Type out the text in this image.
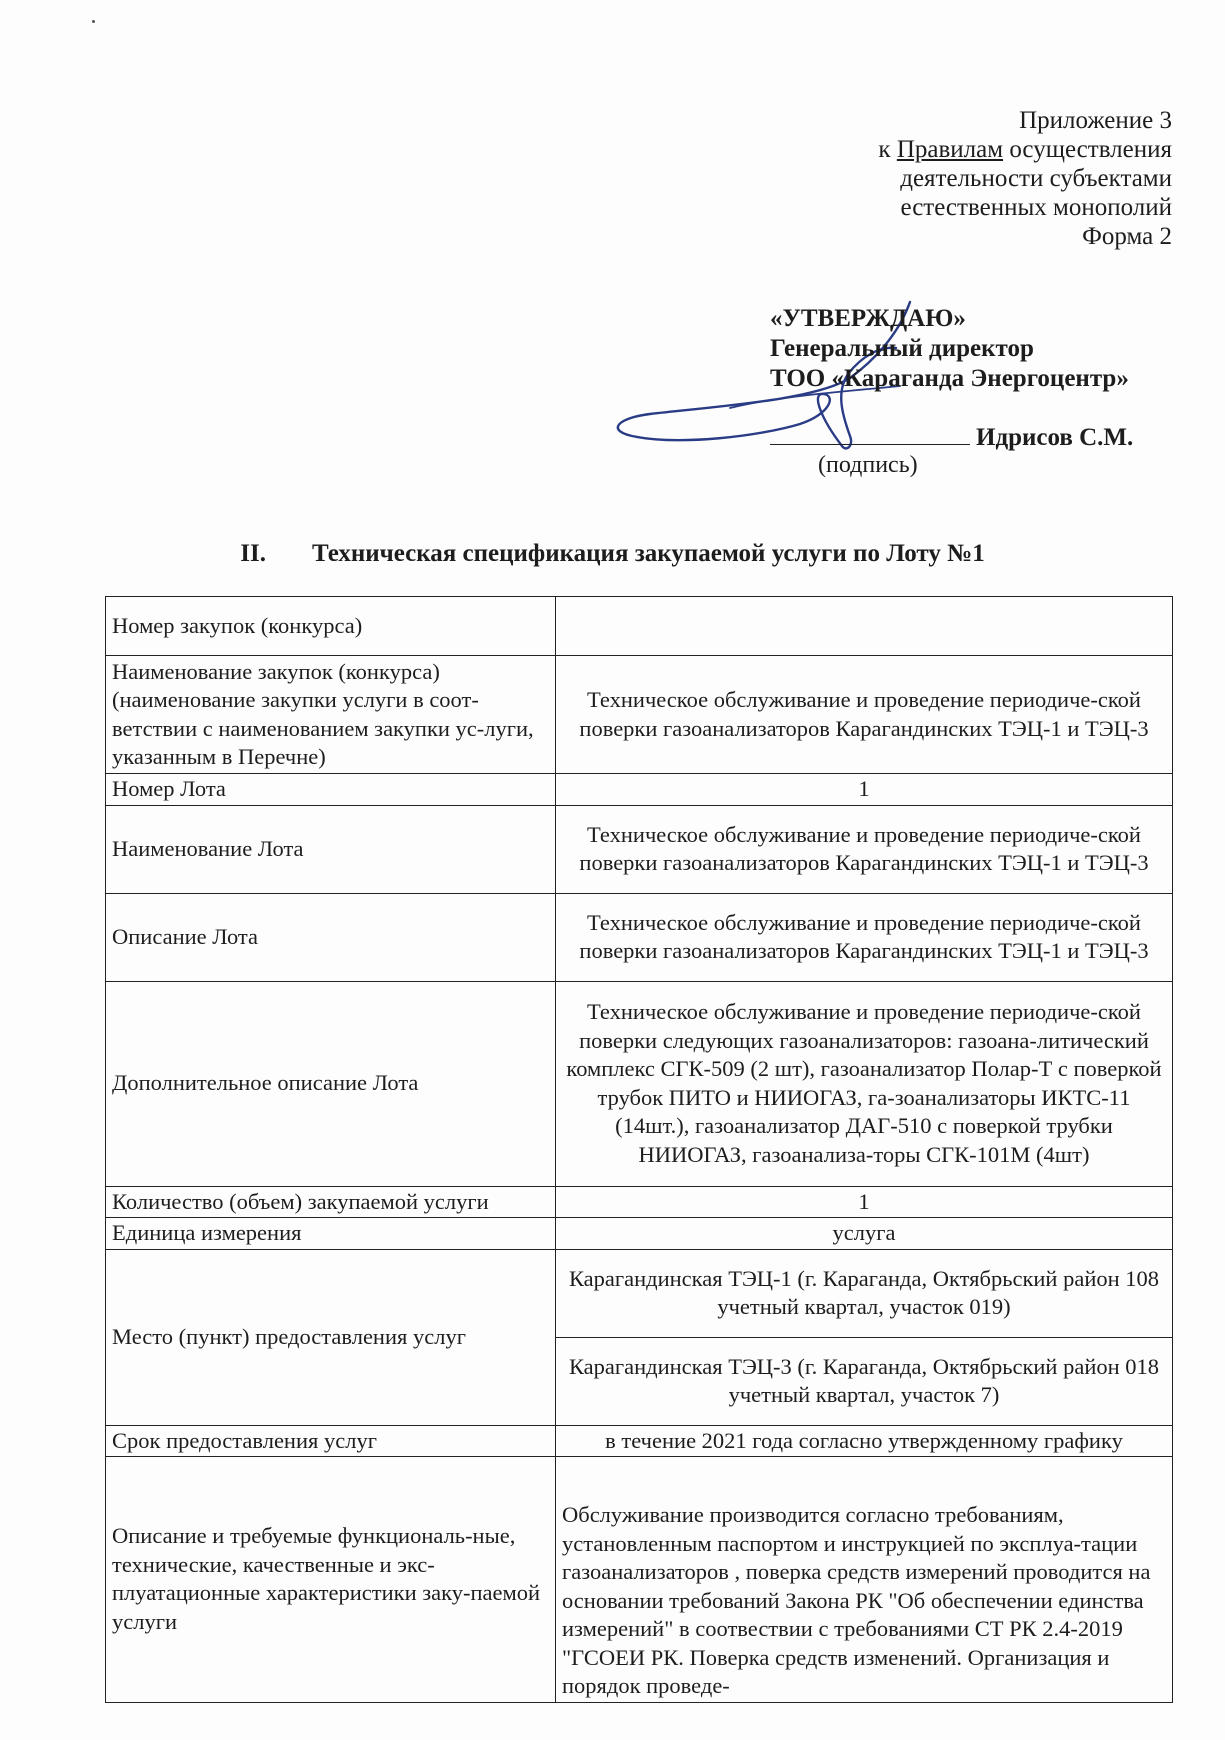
Приложение 3
к Правилам осуществления
деятельности субъектами
естественных монополий
Форма 2
«УТВЕРЖДАЮ»
Генеральный директор
ТОО «Караганда Энергоцентр»
Идрисов С.М.
(подпись)
II. Техническая спецификация закупаемой услуги по Лоту №1
Номер закупок (конкурса)	
Наименование закупок (конкурса) (наименование закупки услуги в соот-ветствии с наименованием закупки ус-луги, указанным в Перечне)	Техническое обслуживание и проведение периодиче-ской поверки газоанализаторов Карагандинских ТЭЦ-1 и ТЭЦ-3
Номер Лота	1
Наименование Лота	Техническое обслуживание и проведение периодиче-ской поверки газоанализаторов Карагандинских ТЭЦ-1 и ТЭЦ-3
Описание Лота	Техническое обслуживание и проведение периодиче-ской поверки газоанализаторов Карагандинских ТЭЦ-1 и ТЭЦ-3
Дополнительное описание Лота	Техническое обслуживание и проведение периодиче-ской поверки следующих газоанализаторов: газоана-литический комплекс СГК-509 (2 шт), газоанализатор Полар-Т с поверкой трубок ПИТО и НИИОГАЗ, га-зоанализаторы ИКТС-11 (14шт.), газоанализатор ДАГ-510 с поверкой трубки НИИОГАЗ, газоанализа-торы СГК-101М (4шт)
Количество (объем) закупаемой услуги	1
Единица измерения	услуга
Место (пункт) предоставления услуг	Карагандинская ТЭЦ-1 (г. Караганда, Октябрьский район 108 учетный квартал, участок 019)
	Карагандинская ТЭЦ-3 (г. Караганда, Октябрьский район 018 учетный квартал, участок 7)
Срок предоставления услуг	в течение 2021 года согласно утвержденному графику
Описание и требуемые функциональ-ные, технические, качественные и экс-плуатационные характеристики заку-паемой услуги	Обслуживание производится согласно требованиям, установленным паспортом и инструкцией по эксплуа-тации газоанализаторов , поверка средств измерений проводится на основании требований Закона РК "Об обеспечении единства измерений" в соотвествии с требованиями СТ РК 2.4-2019 "ГСОЕИ РК. Поверка средств изменений. Организация и порядок проведе-
